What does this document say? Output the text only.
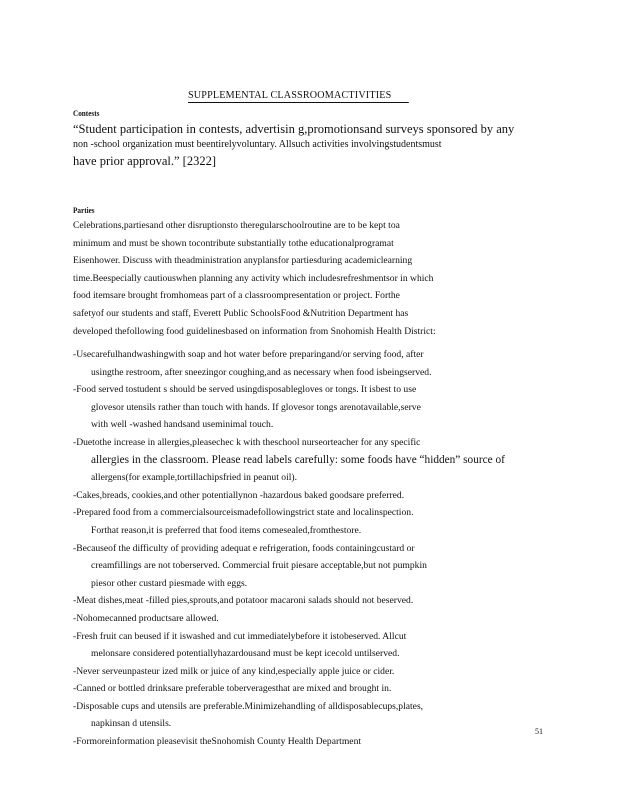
SUPPLEMENTAL CLASSROOMACTIVITIES
Contests
“Student participation in contests, advertisin g,promotionsand surveys sponsored by any
non -school organization must beentirelyvoluntary. Allsuch activities involvingstudentsmust
have prior approval.” [2322]
Parties
Celebrations,partiesand other disruptionsto theregularschoolroutine are to be kept toa
minimum and must be shown tocontribute substantially tothe educationalprogramat
Eisenhower. Discuss with theadministration anyplansfor partiesduring academiclearning
time.Beespecially cautiouswhen planning any activity which includesrefreshmentsor in which
food itemsare brought fromhomeas part of a classroompresentation or project. Forthe
safetyof our students and staff, Everett Public SchoolsFood &Nutrition Department has
developed thefollowing food guidelinesbased on information from Snohomish Health District:
-Usecarefulhandwashingwith soap and hot water before preparingand/or serving food, after
usingthe restroom, after sneezingor coughing,and as necessary when food isbeingserved.
-Food served tostudent s should be served usingdisposablegloves or tongs. It isbest to use
glovesor utensils rather than touch with hands. If glovesor tongs arenotavailable,serve
with well -washed handsand useminimal touch.
-Duetothe increase in allergies,pleasechec k with theschool nurseorteacher for any specific
allergies in the classroom. Please read labels carefully: some foods have “hidden” source of
allergens(for example,tortillachipsfried in peanut oil).
-Cakes,breads, cookies,and other potentiallynon -hazardous baked goodsare preferred.
-Prepared food from a commercialsourceismadefollowingstrict state and localinspection.
Forthat reason,it is preferred that food items comesealed,fromthestore.
-Becauseof the difficulty of providing adequat e refrigeration, foods containingcustard or
creamfillings are not toberserved. Commercial fruit piesare acceptable,but not pumpkin
piesor other custard piesmade with eggs.
-Meat dishes,meat -filled pies,sprouts,and potatoor macaroni salads should not beserved.
-Nohomecanned productsare allowed.
-Fresh fruit can beused if it iswashed and cut immediatelybefore it istobeserved. Allcut
melonsare considered potentiallyhazardousand must be kept icecold untilserved.
-Never serveunpasteur ized milk or juice of any kind,especially apple juice or cider.
-Canned or bottled drinksare preferable toberveragesthat are mixed and brought in.
-Disposable cups and utensils are preferable.Minimizehandling of alldisposablecups,plates,
napkinsan d utensils.
-Formoreinformation pleasevisit theSnohomish County Health Department
51
